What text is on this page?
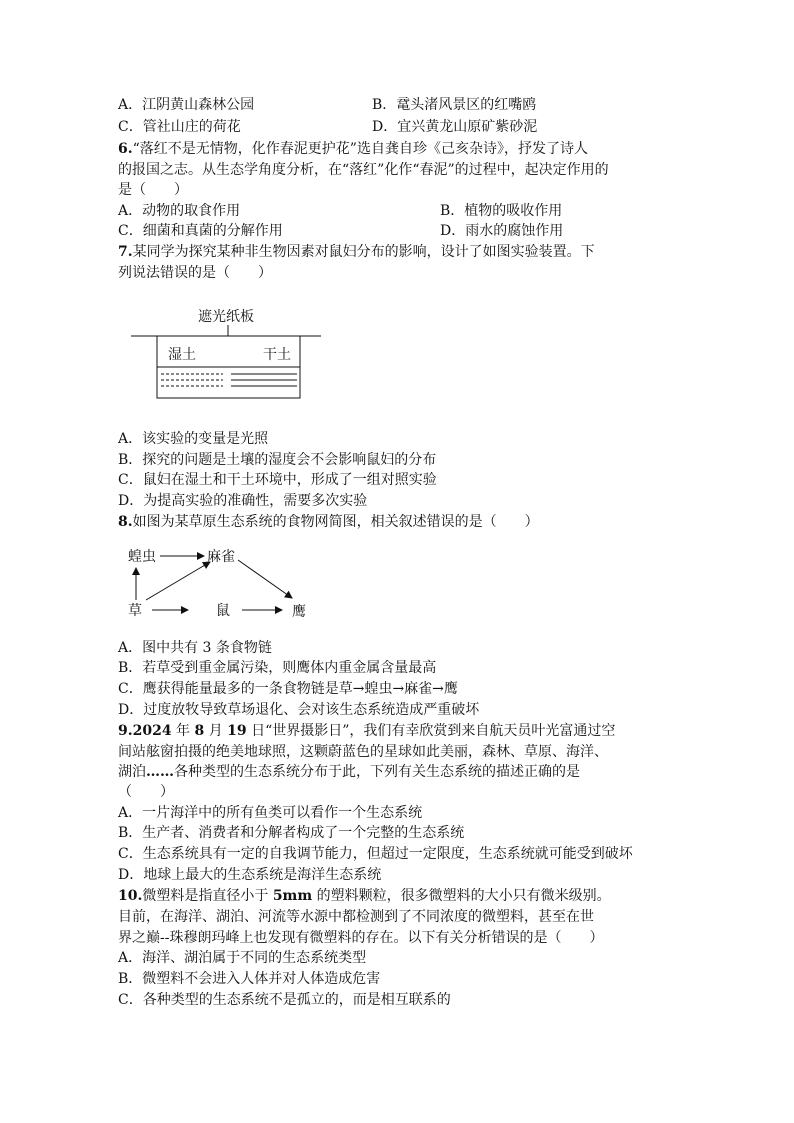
A．江阴黄山森林公园	B．鼋头渚风景区的红嘴鸥
C．管社山庄的荷花	D．宜兴黄龙山原矿紫砂泥
6.“落红不是无情物，化作春泥更护花”选自龚自珍《己亥杂诗》，抒发了诗人
的报国之志。从生态学角度分析，在“落红”化作“春泥”的过程中，起决定作用的
是（　　）
A．动物的取食作用	B．植物的吸收作用
C．细菌和真菌的分解作用	D．雨水的腐蚀作用
7.某同学为探究某种非生物因素对鼠妇分布的影响，设计了如图实验装置。下
列说法错误的是（　　）
遮光纸板
湿土	干土
A．该实验的变量是光照
B．探究的问题是土壤的湿度会不会影响鼠妇的分布
C．鼠妇在湿土和干土环境中，形成了一组对照实验
D．为提高实验的准确性，需要多次实验
8.如图为某草原生态系统的食物网简图，相关叙述错误的是（　　）
蝗虫	麻雀
草	鼠	鹰
A．图中共有 3 条食物链
B．若草受到重金属污染，则鹰体内重金属含量最高
C．鹰获得能量最多的一条食物链是草→蝗虫→麻雀→鹰
D．过度放牧导致草场退化、会对该生态系统造成严重破坏
9.2024 年 8 月 19 日“世界摄影日”，我们有幸欣赏到来自航天员叶光富通过空
间站舷窗拍摄的绝美地球照，这颗蔚蓝色的星球如此美丽，森林、草原、海洋、
湖泊……各种类型的生态系统分布于此，下列有关生态系统的描述正确的是
（　　）
A．一片海洋中的所有鱼类可以看作一个生态系统
B．生产者、消费者和分解者构成了一个完整的生态系统
C．生态系统具有一定的自我调节能力，但超过一定限度，生态系统就可能受到破坏
D．地球上最大的生态系统是海洋生态系统
10.微塑料是指直径小于 5mm 的塑料颗粒，很多微塑料的大小只有微米级别。
目前，在海洋、湖泊、河流等水源中都检测到了不同浓度的微塑料，甚至在世
界之巅--珠穆朗玛峰上也发现有微塑料的存在。以下有关分析错误的是（　　）
A．海洋、湖泊属于不同的生态系统类型
B．微塑料不会进入人体并对人体造成危害
C．各种类型的生态系统不是孤立的，而是相互联系的
